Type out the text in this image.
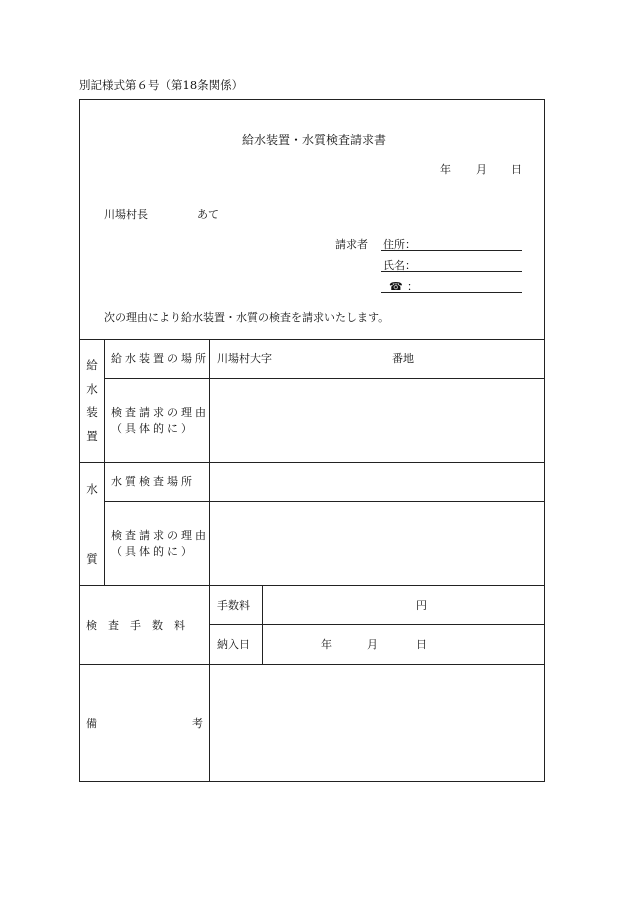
別記様式第６号（第18条関係）
給水装置・水質検査請求書
年 月 日
川場村長	あて
請求者 住所：
氏名：
☎ ：
次の理由により給水装置・水質の検査を請求いたします。
給
水
装
置
給水装置の場所 川場村大字	番地
検査請求の理由
（具体的に）
水
質
水質検査場所
検査請求の理由
（具体的に）
検　査　手　数　料
手数料	円
納入日	年	月	日
備	考
